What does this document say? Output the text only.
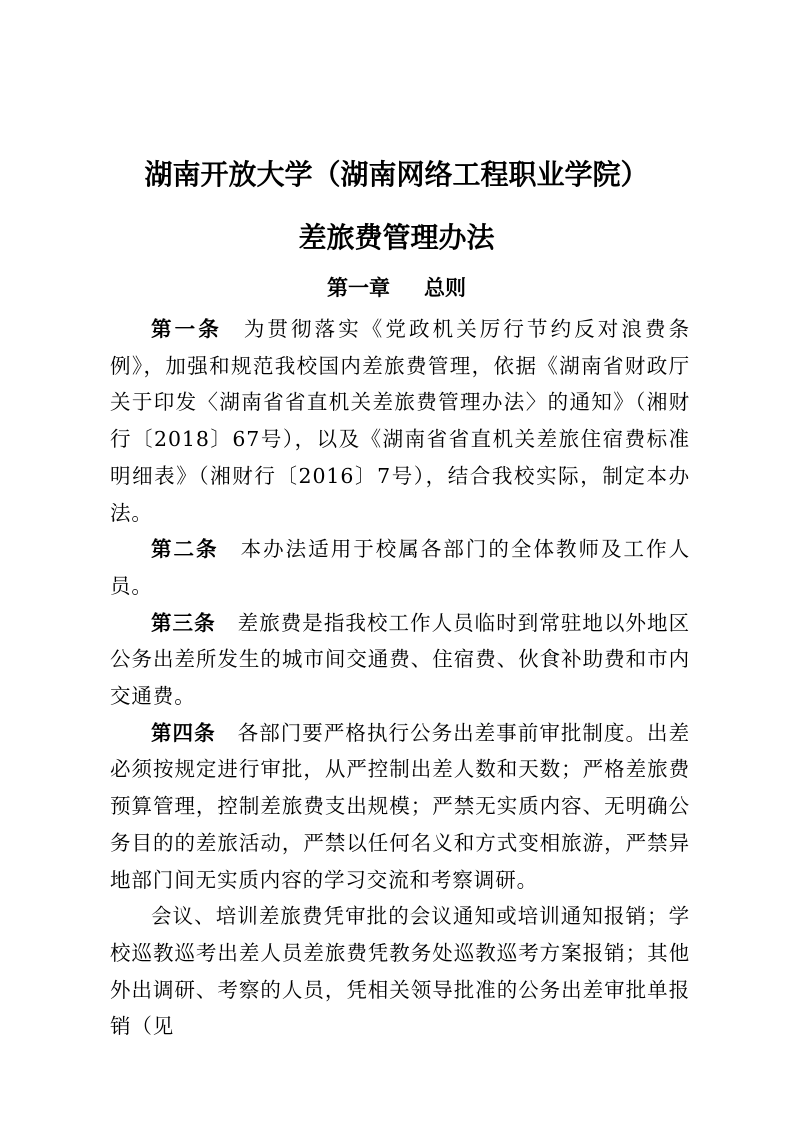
湖南开放大学（湖南网络工程职业学院）
差旅费管理办法
第一章 总则

第一条 为贯彻落实《党政机关厉行节约反对浪费条例》，加强和规范我校国内差旅费管理，依据《湖南省财政厅关于印发〈湖南省省直机关差旅费管理办法〉的通知》（湘财行〔2018〕67号），以及《湖南省省直机关差旅住宿费标准明细表》（湘财行〔2016〕7号），结合我校实际，制定本办法。

第二条 本办法适用于校属各部门的全体教师及工作人员。

第三条 差旅费是指我校工作人员临时到常驻地以外地区公务出差所发生的城市间交通费、住宿费、伙食补助费和市内交通费。

第四条 各部门要严格执行公务出差事前审批制度。出差必须按规定进行审批，从严控制出差人数和天数；严格差旅费预算管理，控制差旅费支出规模；严禁无实质内容、无明确公务目的的差旅活动，严禁以任何名义和方式变相旅游，严禁异地部门间无实质内容的学习交流和考察调研。

会议、培训差旅费凭审批的会议通知或培训通知报销；学校巡教巡考出差人员差旅费凭教务处巡教巡考方案报销；其他外出调研、考察的人员，凭相关领导批准的公务出差审批单报销（见
